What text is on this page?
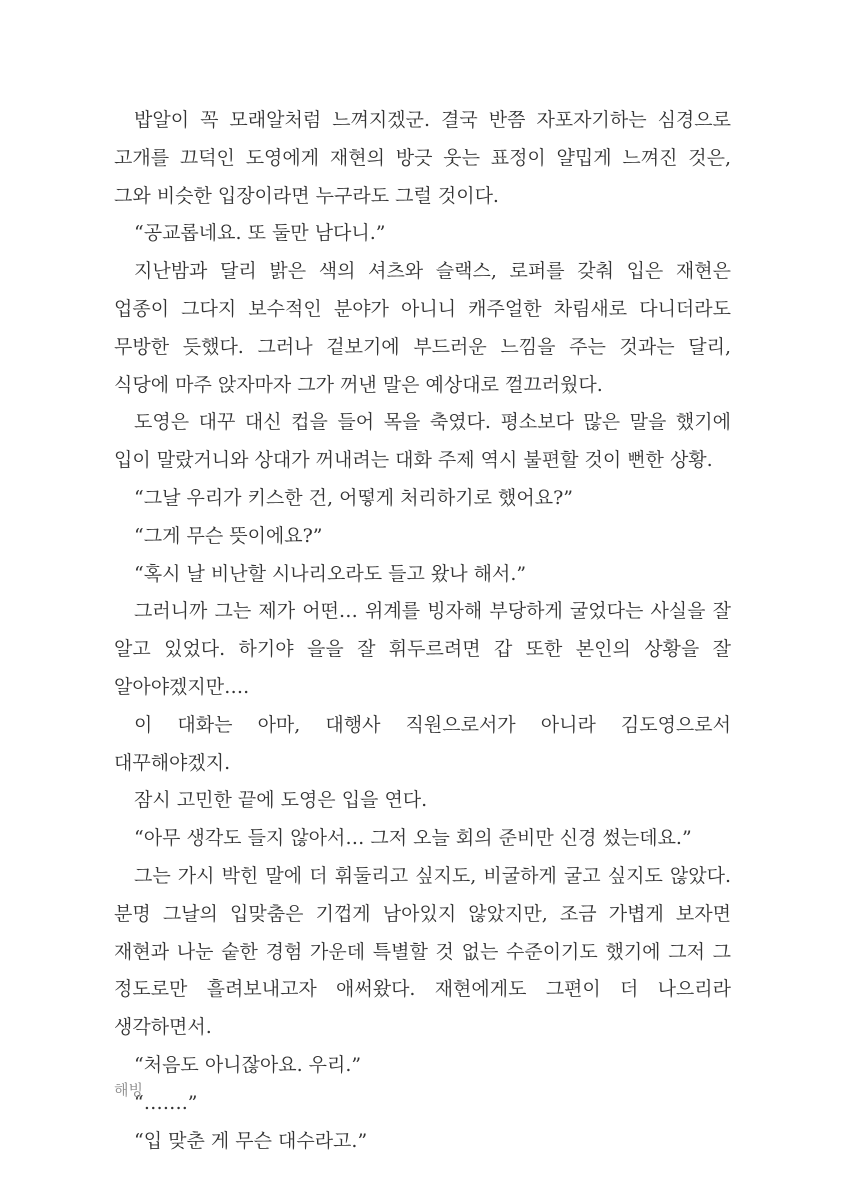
밥알이 꼭 모래알처럼 느껴지겠군. 결국 반쯤 자포자기하는 심경으로 고개를 끄덕인 도영에게 재현의 방긋 웃는 표정이 얄밉게 느껴진 것은, 그와 비슷한 입장이라면 누구라도 그럴 것이다.

“공교롭네요. 또 둘만 남다니.”

지난밤과 달리 밝은 색의 셔츠와 슬랙스, 로퍼를 갖춰 입은 재현은 업종이 그다지 보수적인 분야가 아니니 캐주얼한 차림새로 다니더라도 무방한 듯했다. 그러나 겉보기에 부드러운 느낌을 주는 것과는 달리, 식당에 마주 앉자마자 그가 꺼낸 말은 예상대로 껄끄러웠다.

도영은 대꾸 대신 컵을 들어 목을 축였다. 평소보다 많은 말을 했기에 입이 말랐거니와 상대가 꺼내려는 대화 주제 역시 불편할 것이 뻔한 상황.

“그날 우리가 키스한 건, 어떻게 처리하기로 했어요?”

“그게 무슨 뜻이에요?”

“혹시 날 비난할 시나리오라도 들고 왔나 해서.”

그러니까 그는 제가 어떤… 위계를 빙자해 부당하게 굴었다는 사실을 잘 알고 있었다. 하기야 을을 잘 휘두르려면 갑 또한 본인의 상황을 잘 알아야겠지만….

이 대화는 아마, 대행사 직원으로서가 아니라 김도영으로서 대꾸해야겠지.

잠시 고민한 끝에 도영은 입을 연다.

“아무 생각도 들지 않아서… 그저 오늘 회의 준비만 신경 썼는데요.”

그는 가시 박힌 말에 더 휘둘리고 싶지도, 비굴하게 굴고 싶지도 않았다. 분명 그날의 입맞춤은 기껍게 남아있지 않았지만, 조금 가볍게 보자면 재현과 나눈 숱한 경험 가운데 특별할 것 없는 수준이기도 했기에 그저 그 정도로만 흘려보내고자 애써왔다. 재현에게도 그편이 더 나으리라 생각하면서.

“처음도 아니잖아요. 우리.”

“…….”

“입 맞춘 게 무슨 대수라고.”

해빙
